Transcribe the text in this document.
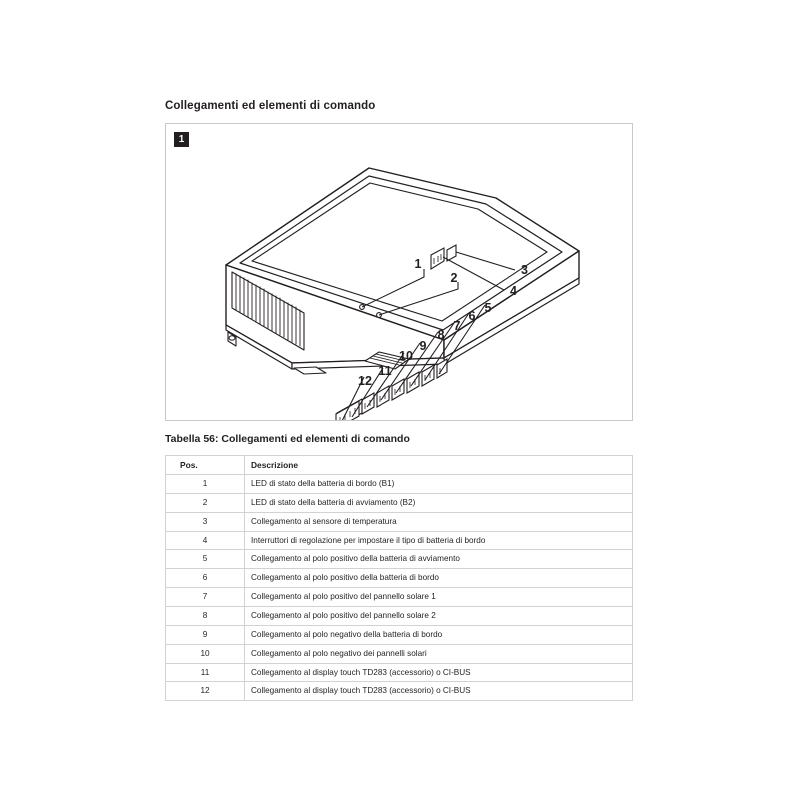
Collegamenti ed elementi di comando
1
1
2
3
4
5
6
7
8
9
10
11
12
Tabella 56: Collegamenti ed elementi di comando
Pos.	Descrizione
1	LED di stato della batteria di bordo (B1)
2	LED di stato della batteria di avviamento (B2)
3	Collegamento al sensore di temperatura
4	Interruttori di regolazione per impostare il tipo di batteria di bordo
5	Collegamento al polo positivo della batteria di avviamento
6	Collegamento al polo positivo della batteria di bordo
7	Collegamento al polo positivo del pannello solare 1
8	Collegamento al polo positivo del pannello solare 2
9	Collegamento al polo negativo della batteria di bordo
10	Collegamento al polo negativo dei pannelli solari
11	Collegamento al display touch TD283 (accessorio) o CI-BUS
12	Collegamento al display touch TD283 (accessorio) o CI-BUS
